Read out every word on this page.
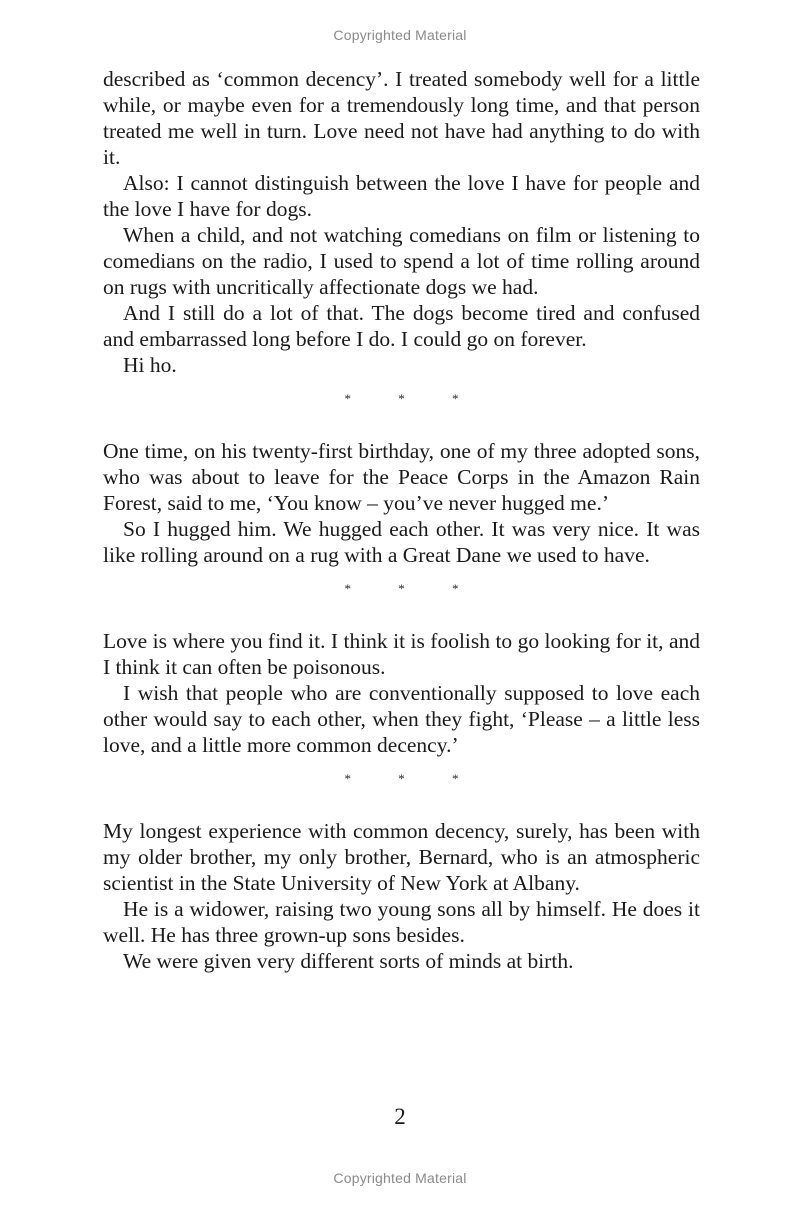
Copyrighted Material

described as ‘common decency’. I treated somebody well for a little while, or maybe even for a tremendously long time, and that person treated me well in turn. Love need not have had anything to do with it.

Also: I cannot distinguish between the love I have for people and the love I have for dogs.

When a child, and not watching comedians on film or listening to comedians on the radio, I used to spend a lot of time rolling around on rugs with uncritically affectionate dogs we had.

And I still do a lot of that. The dogs become tired and confused and embarrassed long before I do. I could go on forever.

Hi ho.

* * *

One time, on his twenty-first birthday, one of my three adopted sons, who was about to leave for the Peace Corps in the Amazon Rain Forest, said to me, ‘You know – you’ve never hugged me.’

So I hugged him. We hugged each other. It was very nice. It was like rolling around on a rug with a Great Dane we used to have.

* * *

Love is where you find it. I think it is foolish to go looking for it, and I think it can often be poisonous.

I wish that people who are conventionally supposed to love each other would say to each other, when they fight, ‘Please – a little less love, and a little more common decency.’

* * *

My longest experience with common decency, surely, has been with my older brother, my only brother, Bernard, who is an atmospheric scientist in the State University of New York at Albany.

He is a widower, raising two young sons all by himself. He does it well. He has three grown-up sons besides.

We were given very different sorts of minds at birth.

2
Copyrighted Material
